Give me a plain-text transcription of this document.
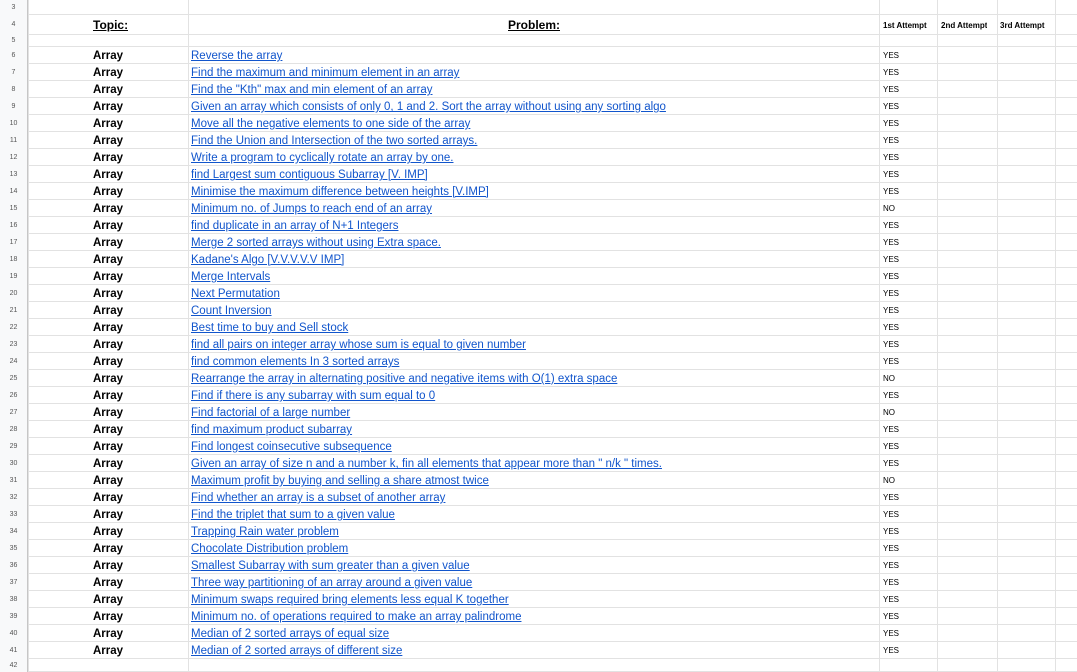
3
4	Topic:	Problem:	1st Attempt 2nd Attempt 3rd Attempt
5
6	Array	Reverse the array	YES
7	Array	Find the maximum and minimum element in an array	YES
8	Array	Find the "Kth" max and min element of an array	YES
9	Array	Given an array which consists of only 0, 1 and 2. Sort the array without using any sorting algo	YES
10	Array	Move all the negative elements to one side of the array	YES
11	Array	Find the Union and Intersection of the two sorted arrays.	YES
12	Array	Write a program to cyclically rotate an array by one.	YES
13	Array	find Largest sum contiguous Subarray [V. IMP]	YES
14	Array	Minimise the maximum difference between heights [V.IMP]	YES
15	Array	Minimum no. of Jumps to reach end of an array	NO
16	Array	find duplicate in an array of N+1 Integers	YES
17	Array	Merge 2 sorted arrays without using Extra space.	YES
18	Array	Kadane's Algo [V.V.V.V.V IMP]	YES
19	Array	Merge Intervals	YES
20	Array	Next Permutation	YES
21	Array	Count Inversion	YES
22	Array	Best time to buy and Sell stock	YES
23	Array	find all pairs on integer array whose sum is equal to given number	YES
24	Array	find common elements In 3 sorted arrays	YES
25	Array	Rearrange the array in alternating positive and negative items with O(1) extra space	NO
26	Array	Find if there is any subarray with sum equal to 0	YES
27	Array	Find factorial of a large number	NO
28	Array	find maximum product subarray	YES
29	Array	Find longest coinsecutive subsequence	YES
30	Array	Given an array of size n and a number k, fin all elements that appear more than " n/k " times.	YES
31	Array	Maximum profit by buying and selling a share atmost twice	NO
32	Array	Find whether an array is a subset of another array	YES
33	Array	Find the triplet that sum to a given value	YES
34	Array	Trapping Rain water problem	YES
35	Array	Chocolate Distribution problem	YES
36	Array	Smallest Subarray with sum greater than a given value	YES
37	Array	Three way partitioning of an array around a given value	YES
38	Array	Minimum swaps required bring elements less equal K together	YES
39	Array	Minimum no. of operations required to make an array palindrome	YES
40	Array	Median of 2 sorted arrays of equal size	YES
41	Array	Median of 2 sorted arrays of different size	YES
42
